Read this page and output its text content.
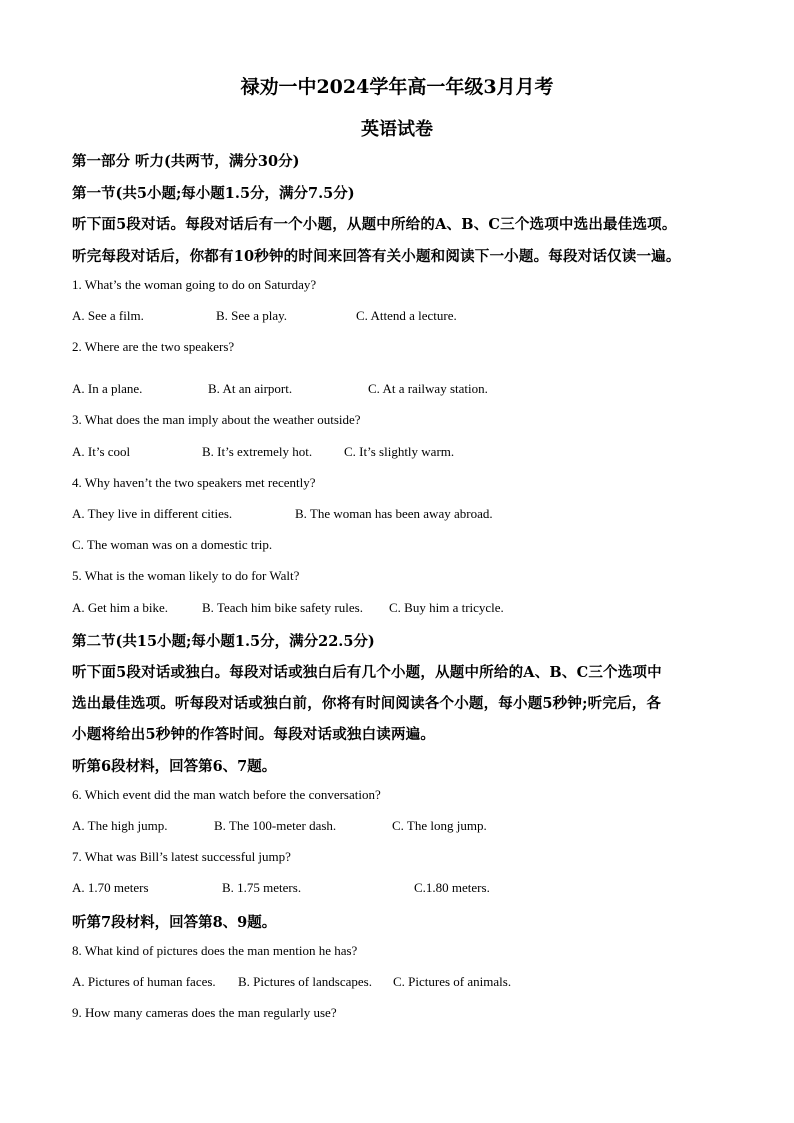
禄劝一中2024学年高一年级3月月考
英语试卷
第一部分 听力(共两节，满分30分)
第一节(共5小题;每小题1.5分，满分7.5分)
听下面5段对话。每段对话后有一个小题，从题中所给的A、B、C三个选项中选出最佳选项。
听完每段对话后，你都有10秒钟的时间来回答有关小题和阅读下一小题。每段对话仅读一遍。
1. What’s the woman going to do on Saturday?
A. See a film.	B. See a play.	C. Attend a lecture.
2. Where are the two speakers?
A. In a plane.	B. At an airport.	C. At a railway station.
3. What does the man imply about the weather outside?
A. It’s cool	B. It’s extremely hot. C. It’s slightly warm.
4. Why haven’t the two speakers met recently?
A. They live in different cities.	B. The woman has been away abroad.
C. The woman was on a domestic trip.
5. What is the woman likely to do for Walt?
A. Get him a bike.	B. Teach him bike safety rules. C. Buy him a tricycle.
第二节(共15小题;每小题1.5分，满分22.5分)
听下面5段对话或独白。每段对话或独白后有几个小题，从题中所给的A、B、C三个选项中
选出最佳选项。听每段对话或独白前，你将有时间阅读各个小题，每小题5秒钟;听完后，各
小题将给出5秒钟的作答时间。每段对话或独白读两遍。
听第6段材料，回答第6、7题。
6. Which event did the man watch before the conversation?
A. The high jump.	B. The 100-meter dash.	C. The long jump.
7. What was Bill’s latest successful jump?
A. 1.70 meters	B. 1.75 meters.	C.1.80 meters.
听第7段材料，回答第8、9题。
8. What kind of pictures does the man mention he has?
A. Pictures of human faces. B. Pictures of landscapes. C. Pictures of animals.
9. How many cameras does the man regularly use?
